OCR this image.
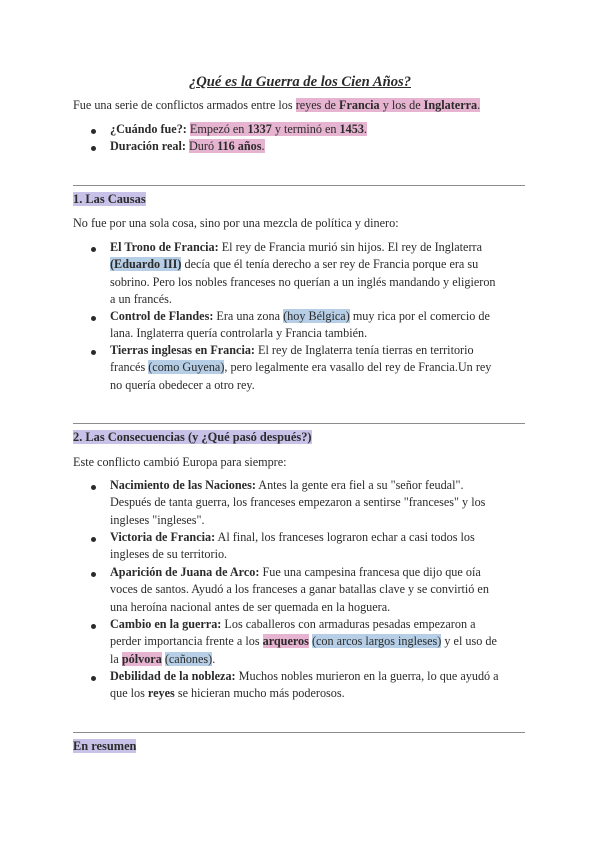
¿Qué es la Guerra de los Cien Años?
Fue una serie de conflictos armados entre los reyes de Francia y los de Inglaterra.
¿Cuándo fue?: Empezó en 1337 y terminó en 1453.
Duración real: Duró 116 años.
1. Las Causas
No fue por una sola cosa, sino por una mezcla de política y dinero:
El Trono de Francia: El rey de Francia murió sin hijos. El rey de Inglaterra
(Eduardo III) decía que él tenía derecho a ser rey de Francia porque era su
sobrino. Pero los nobles franceses no querían a un inglés mandando y eligieron
a un francés.
Control de Flandes: Era una zona (hoy Bélgica) muy rica por el comercio de
lana. Inglaterra quería controlarla y Francia también.
Tierras inglesas en Francia: El rey de Inglaterra tenía tierras en territorio
francés (como Guyena), pero legalmente era vasallo del rey de Francia.Un rey
no quería obedecer a otro rey.
2. Las Consecuencias (y ¿Qué pasó después?)
Este conflicto cambió Europa para siempre:
Nacimiento de las Naciones: Antes la gente era fiel a su "señor feudal".
Después de tanta guerra, los franceses empezaron a sentirse "franceses" y los
ingleses "ingleses".
Victoria de Francia: Al final, los franceses lograron echar a casi todos los
ingleses de su territorio.
Aparición de Juana de Arco: Fue una campesina francesa que dijo que oía
voces de santos. Ayudó a los franceses a ganar batallas clave y se convirtió en
una heroína nacional antes de ser quemada en la hoguera.
Cambio en la guerra: Los caballeros con armaduras pesadas empezaron a
perder importancia frente a los arqueros (con arcos largos ingleses) y el uso de
la pólvora (cañones).
Debilidad de la nobleza: Muchos nobles murieron en la guerra, lo que ayudó a
que los reyes se hicieran mucho más poderosos.
En resumen
